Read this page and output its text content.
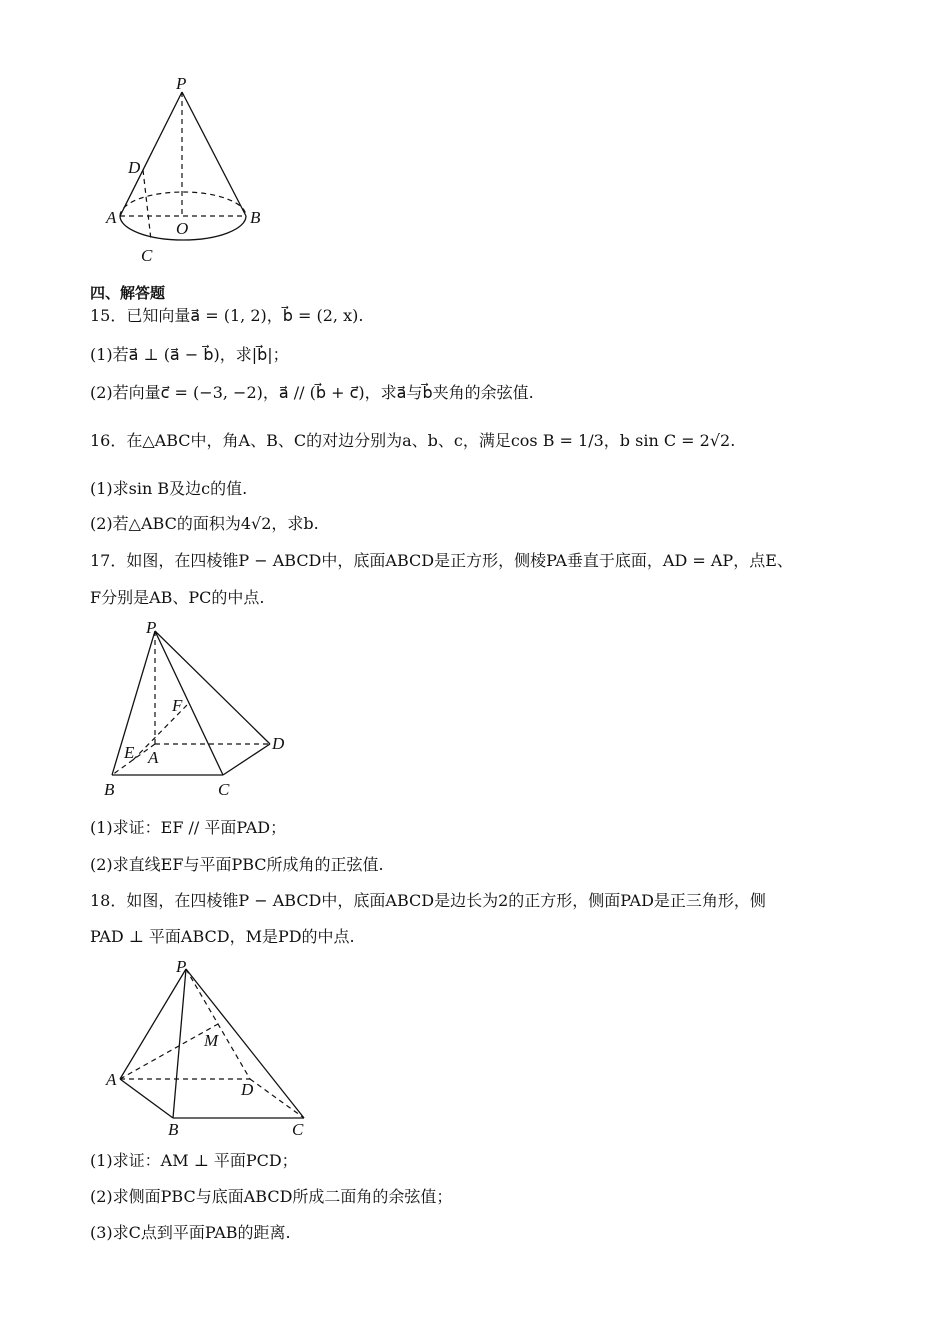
P
D
A
O
B
C
四、解答题
15．已知向量a⃗ = (1, 2)，b⃗ = (2, x).
(1)若a⃗ ⊥ (a⃗ − b⃗)，求|b⃗|；
(2)若向量c⃗ = (−3, −2)，a⃗ // (b⃗ + c⃗)，求a⃗与b⃗夹角的余弦值.
16．在△ABC中，角A、B、C的对边分别为a、b、c，满足cos B = 1/3，b sin C = 2√2.
(1)求sin B及边c的值.
(2)若△ABC的面积为4√2，求b.
17．如图，在四棱锥P − ABCD中，底面ABCD是正方形，侧棱PA垂直于底面，AD = AP，点E、
F分别是AB、PC的中点.
P
F
E A
D
B	C
(1)求证：EF // 平面PAD；
(2)求直线EF与平面PBC所成角的正弦值.
18．如图，在四棱锥P − ABCD中，底面ABCD是边长为2的正方形，侧面PAD是正三角形，侧
PAD ⊥ 平面ABCD，M是PD的中点.
P
M
A
D
B	C
(1)求证：AM ⊥ 平面PCD；
(2)求侧面PBC与底面ABCD所成二面角的余弦值；
(3)求C点到平面PAB的距离.
